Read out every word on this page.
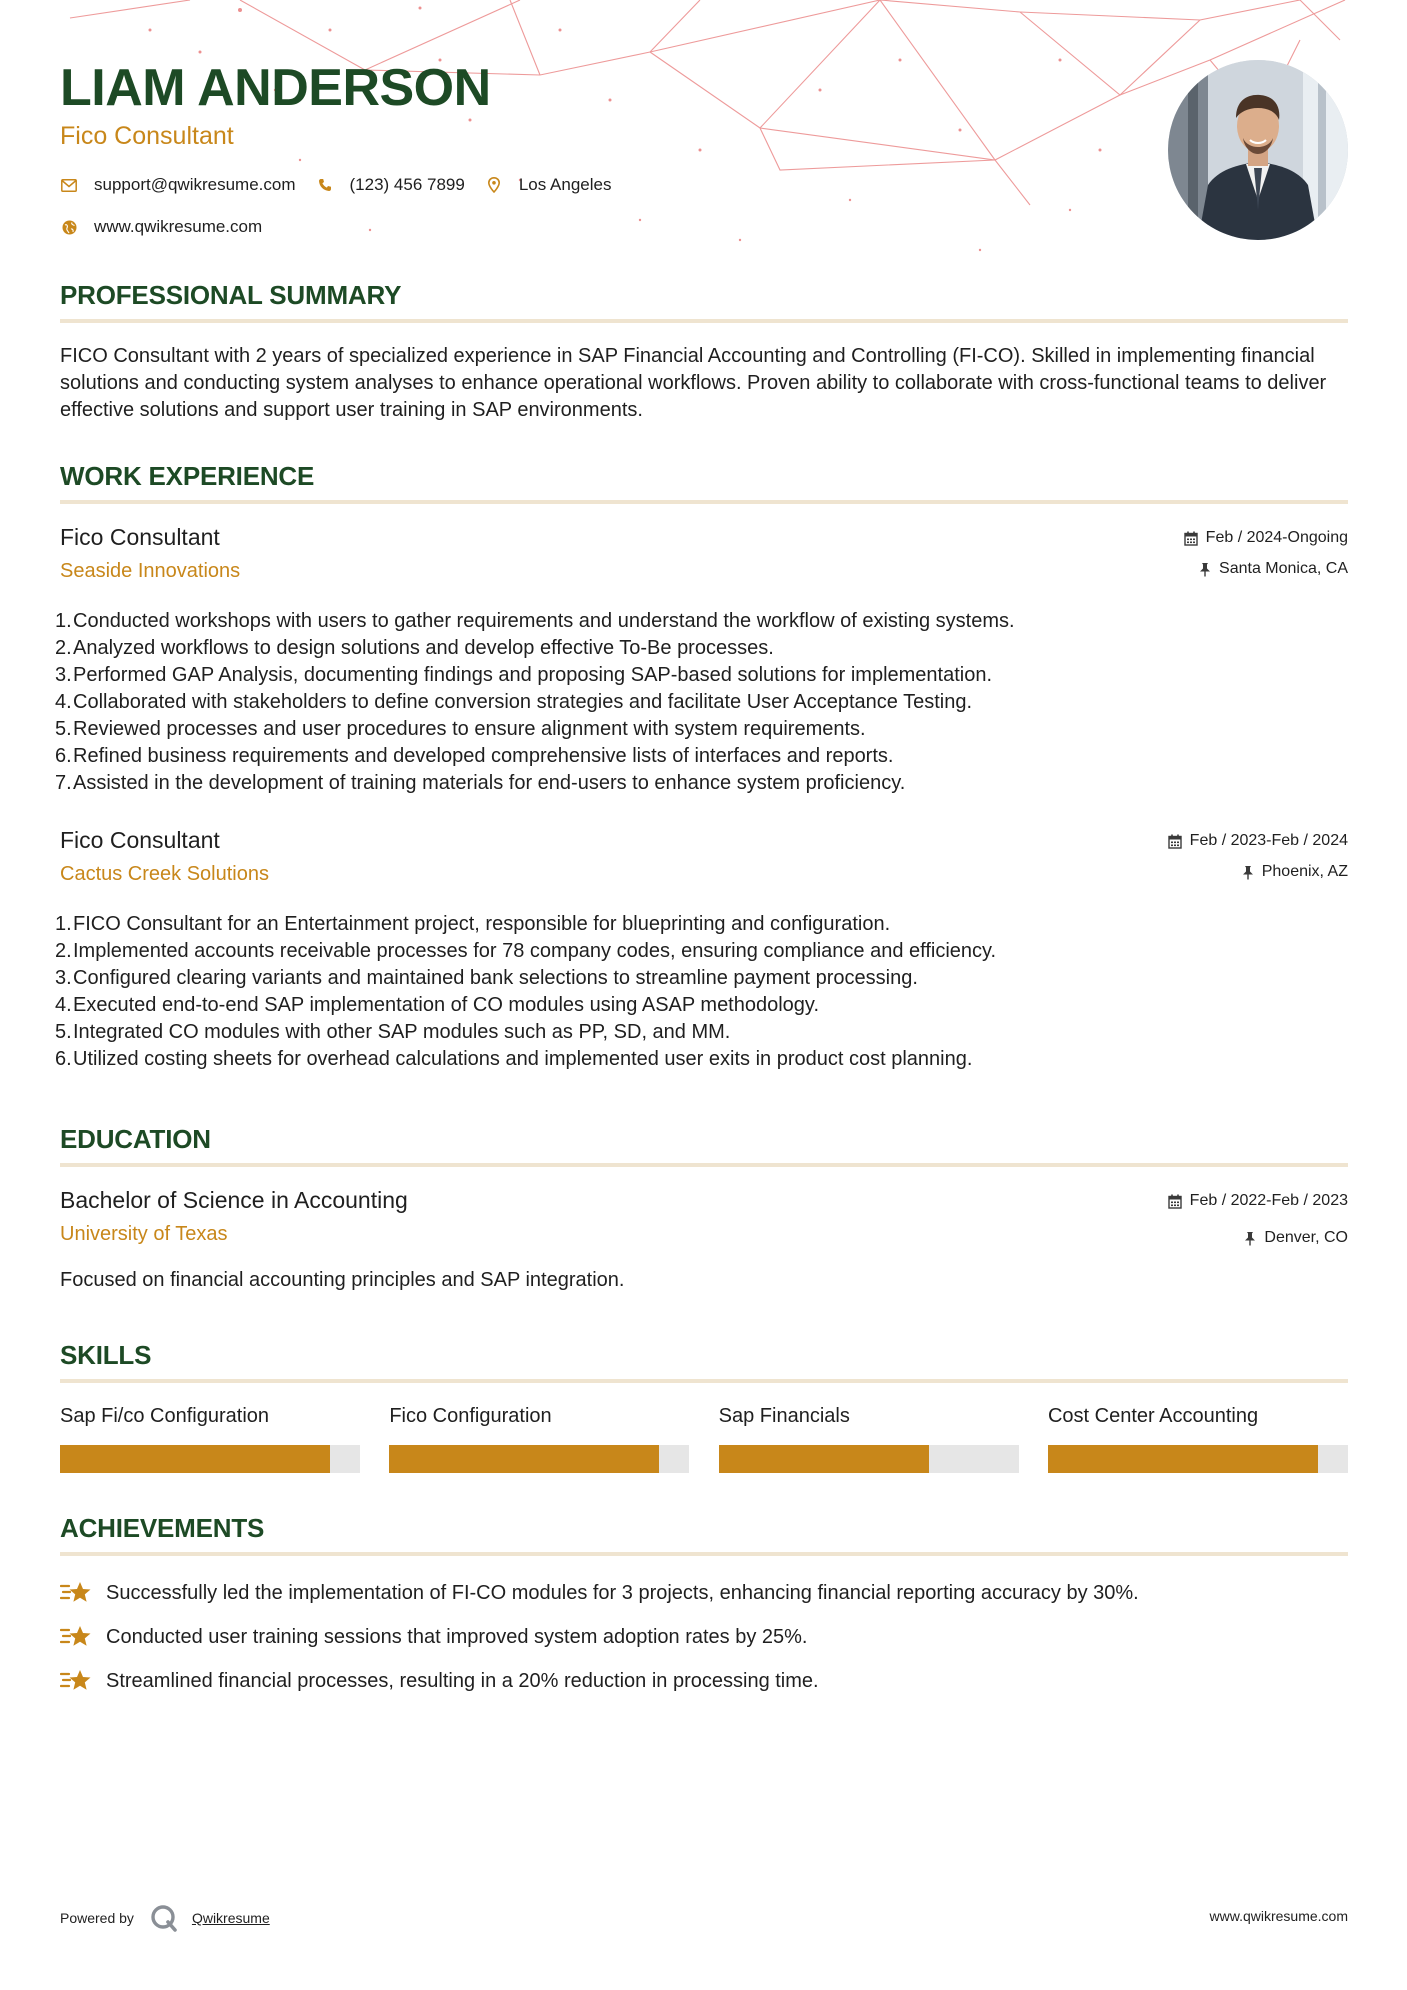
LIAM ANDERSON
Fico Consultant
support@qwikresume.com	(123) 456 7899	Los Angeles
www.qwikresume.com
PROFESSIONAL SUMMARY

FICO Consultant with 2 years of specialized experience in SAP Financial Accounting and Controlling (FI-CO). Skilled in implementing financial solutions and conducting system analyses to enhance operational workflows. Proven ability to collaborate with cross-functional teams to deliver effective solutions and support user training in SAP environments.

WORK EXPERIENCE
Fico Consultant
Seaside Innovations
Feb / 2024-Ongoing
Santa Monica, CA
1. Conducted workshops with users to gather requirements and understand the workflow of existing systems.
2. Analyzed workflows to design solutions and develop effective To-Be processes.
3. Performed GAP Analysis, documenting findings and proposing SAP-based solutions for implementation.
4. Collaborated with stakeholders to define conversion strategies and facilitate User Acceptance Testing.
5. Reviewed processes and user procedures to ensure alignment with system requirements.
6. Refined business requirements and developed comprehensive lists of interfaces and reports.
7. Assisted in the development of training materials for end-users to enhance system proficiency.
Fico Consultant
Cactus Creek Solutions
Feb / 2023-Feb / 2024
Phoenix, AZ
1. FICO Consultant for an Entertainment project, responsible for blueprinting and configuration.
2. Implemented accounts receivable processes for 78 company codes, ensuring compliance and efficiency.
3. Configured clearing variants and maintained bank selections to streamline payment processing.
4. Executed end-to-end SAP implementation of CO modules using ASAP methodology.
5. Integrated CO modules with other SAP modules such as PP, SD, and MM.
6. Utilized costing sheets for overhead calculations and implemented user exits in product cost planning.
EDUCATION
Bachelor of Science in Accounting
University of Texas
Feb / 2022-Feb / 2023
Denver, CO

Focused on financial accounting principles and SAP integration.

SKILLS
Sap Fi/co Configuration	Fico Configuration	Sap Financials	Cost Center Accounting
ACHIEVEMENTS
Successfully led the implementation of FI-CO modules for 3 projects, enhancing financial reporting accuracy by 30%.
Conducted user training sessions that improved system adoption rates by 25%.
Streamlined financial processes, resulting in a 20% reduction in processing time.
Powered by	Qwikresume	www.qwikresume.com
